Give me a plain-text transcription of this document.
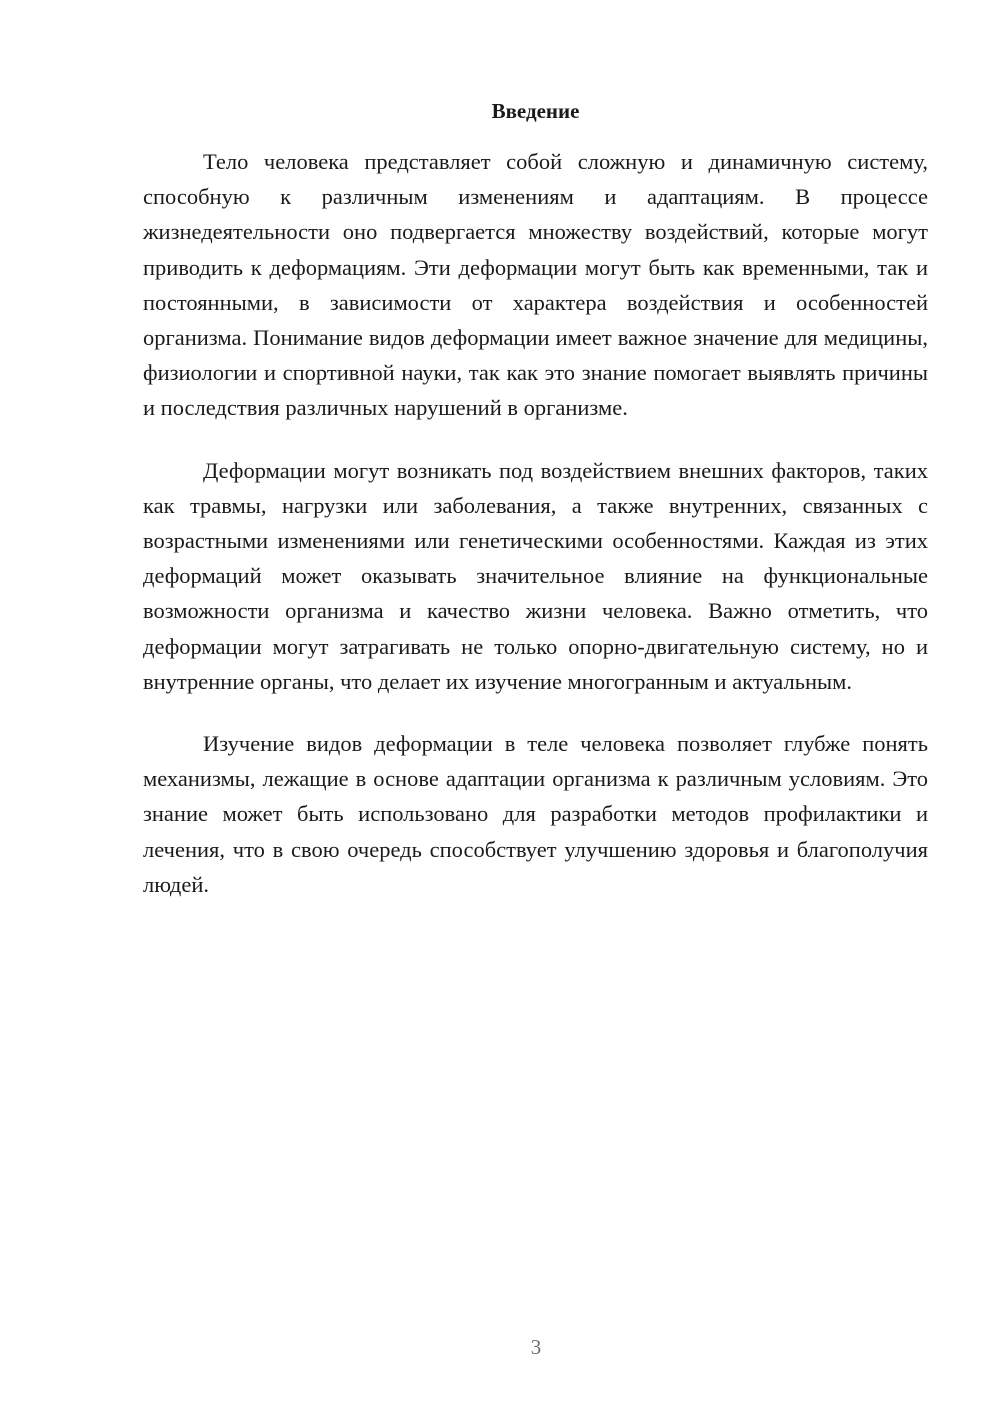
Введение

Тело человека представляет собой сложную и динамичную систему, способную к различным изменениям и адаптациям. В процессе жизнедеятельности оно подвергается множеству воздействий, которые могут приводить к деформациям. Эти деформации могут быть как временными, так и постоянными, в зависимости от характера воздействия и особенностей организма. Понимание видов деформации имеет важное значение для медицины, физиологии и спортивной науки, так как это знание помогает выявлять причины и последствия различных нарушений в организме.

Деформации могут возникать под воздействием внешних факторов, таких как травмы, нагрузки или заболевания, а также внутренних, связанных с возрастными изменениями или генетическими особенностями. Каждая из этих деформаций может оказывать значительное влияние на функциональные возможности организма и качество жизни человека. Важно отметить, что деформации могут затрагивать не только опорно-двигательную систему, но и внутренние органы, что делает их изучение многогранным и актуальным.

Изучение видов деформации в теле человека позволяет глубже понять механизмы, лежащие в основе адаптации организма к различным условиям. Это знание может быть использовано для разработки методов профилактики и лечения, что в свою очередь способствует улучшению здоровья и благополучия людей.

3
